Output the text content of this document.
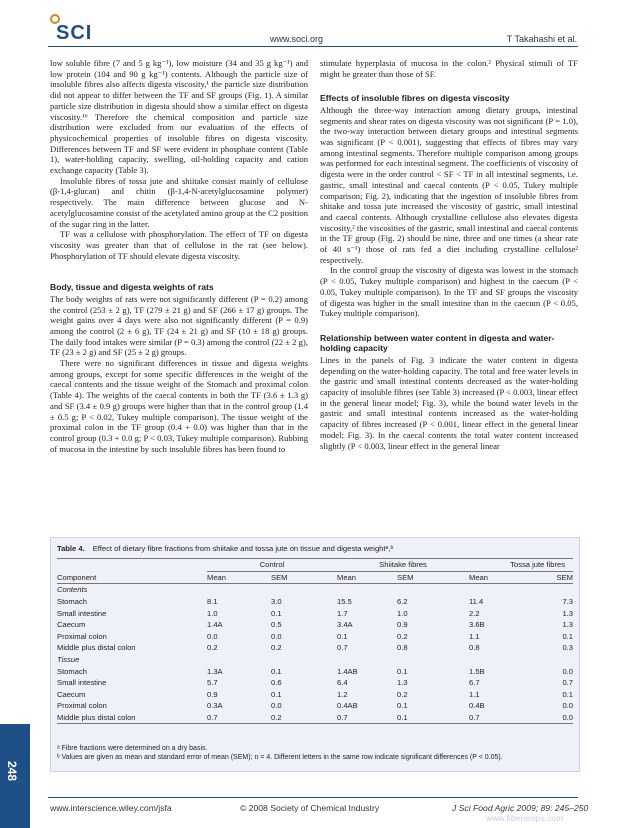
SCI	www.soci.org	T Takahashi et al.

low soluble fibre (7 and 5 g kg⁻¹), low moisture (34 and 35 g kg⁻¹) and low protein (104 and 90 g kg⁻¹) contents. Although the particle size of insoluble fibres also affects digesta viscosity,¹ the particle size distribution did not appear to differ between the TF and SF groups (Fig. 1). A similar particle size distribution in digesta should show a similar effect on digesta viscosity.¹⁶ Therefore the chemical composition and particle size distribution were excluded from our evaluation of the effects of physicochemical properties of insoluble fibres on digesta viscosity. Differences between TF and SF were evident in phosphate content (Table 1), water-holding capacity, swelling, oil-holding capacity and cation exchange capacity (Table 3).

Insoluble fibres of tossa jute and shiitake consist mainly of cellulose (β-1,4-glucan) and chitin (β-1,4-N-acetylglucosamine polymer) respectively. The main difference between glucose and N-acetylglucosamine consist of the acetylated amino group at the C2 position of the sugar ring in the latter.

TF was a cellulose with phosphorylation. The effect of TF on digesta viscosity was greater than that of cellulose in the rat (see below). Phosphorylation of TF should elevate digesta viscosity.

Body, tissue and digesta weights of rats

The body weights of rats were not significantly different (P = 0.2) among the control (253 ± 2 g), TF (279 ± 21 g) and SF (266 ± 17 g) groups. The weight gains over 4 days were also not significantly different (P = 0.9) among the control (2 ± 6 g), TF (24 ± 21 g) and SF (10 ± 18 g) groups. The daily food intakes were similar (P = 0.3) among the control (22 ± 2 g), TF (23 ± 2 g) and SF (25 ± 2 g) groups.

There were no significant differences in tissue and digesta weights among groups, except for some specific differences in the weight of the caecal contents and the tissue weight of the Stomach and proximal colon (Table 4). The weights of the caecal contents in both the TF (3.6 ± 1.3 g) and SF (3.4 ± 0.9 g) groups were higher than that in the control group (1.4 ± 0.5 g; P < 0.02, Tukey multiple comparison). The tissue weight of the proximal colon in the TF group (0.4 + 0.0) was higher than that in the control group (0.3 + 0.0 g; P < 0.03, Tukey multiple comparison). Rubbing of mucosa in the intestine by such insoluble fibres has been found to

stimulate hyperplasia of mucosa in the colon.² Physical stimuli of TF might be greater than those of SF.

Effects of insoluble fibres on digesta viscosity

Although the three-way interaction among dietary groups, intestinal segments and shear rates on digesta viscosity was not significant (P = 1.0), the two-way interaction between dietary groups and intestinal segments was significant (P < 0.001), suggesting that effects of fibres may vary among intestinal segments. Therefore multiple comparison among groups was performed for each intestinal segment. The coefficients of viscosity of digesta were in the order control < SF < TF in all intestinal segments, i.e. gastric, small intestinal and caecal contents (P < 0.05, Tukey multiple comparison; Fig. 2), indicating that the ingestion of insoluble fibres from shitake and tossa jute increased the viscosity of gastric, small intestinal and caecal contents. Although crystalline cellulose also elevates digesta viscosity,² the viscosities of the gastric, small intestinal and caecal contents in the TF group (Fig. 2) should be nine, three and one times (a shear rate of 40 s⁻¹) those of rats fed a diet including crystalline cellulose² respectively.

In the control group the viscosity of digesta was lowest in the stomach (P < 0.05, Tukey multiple comparison) and highest in the caecum (P < 0.05, Tukey multiple comparison). In the TF and SF groups the viscosity of digesta was higher in the small intestine than in the caecum (P < 0.05, Tukey multiple comparison).

Relationship between water content in digesta and water-holding capacity

Lines in the panels of Fig. 3 indicate the water content in digesta depending on the water-holding capacity. The total and free water levels in the gastric and small intestinal contents decreased as the water-holding capacity of insoluble fibres (see Table 3) increased (P < 0.003, linear effect in the general linear model; Fig. 3), while the bound water levels in the gastric and small intestinal contents increased as the water-holding capacity of fibres increased (P < 0.001, linear effect in the general linear model; Fig. 3). In the caecal contents the total water content increased slightly (P < 0.003, linear effect in the general linear

Table 4. Effect of dietary fibre fractions from shiitake and tossa jute on tissue and digesta weightᵃ,ᵇ
	Control		Shiitake fibres		Tossa jute fibres	
Component	Mean	SEM	Mean	SEM	Mean	SEM
Contents						
Stomach	8.1	3.0	15.5	6.2	11.4	7.3
Small intestine	1.0	0.1	1.7	1.0	2.2	1.3
Caecum	1.4A	0.5	3.4A	0.9	3.6B	1.3
Proximal colon	0.0	0.0	0.1	0.2	1.1	0.1
Middle plus distal colon	0.2	0.2	0.7	0.8	0.8	0.3
Tissue						
Stomach	1.3A	0.1	1.4AB	0.1	1.5B	0.0
Small intestine	5.7	0.6	6.4	1.3	6.7	0.7
Caecum	0.9	0.1	1.2	0.2	1.1	0.1
Proximal colon	0.3A	0.0	0.4AB	0.1	0.4B	0.0
Middle plus distal colon	0.7	0.2	0.7	0.1	0.7	0.0
ᵃ Fibre fractions were determined on a dry basis.
ᵇ Values are given as mean and standard error of mean (SEM); n = 4. Different letters in the same row indicate significant differences (P < 0.05).
248
www.interscience.wiley.com/jsfa	© 2008 Society of Chemical Industry	J Sci Food Agric 2009; 89: 245–250
www.fiberorops.com
